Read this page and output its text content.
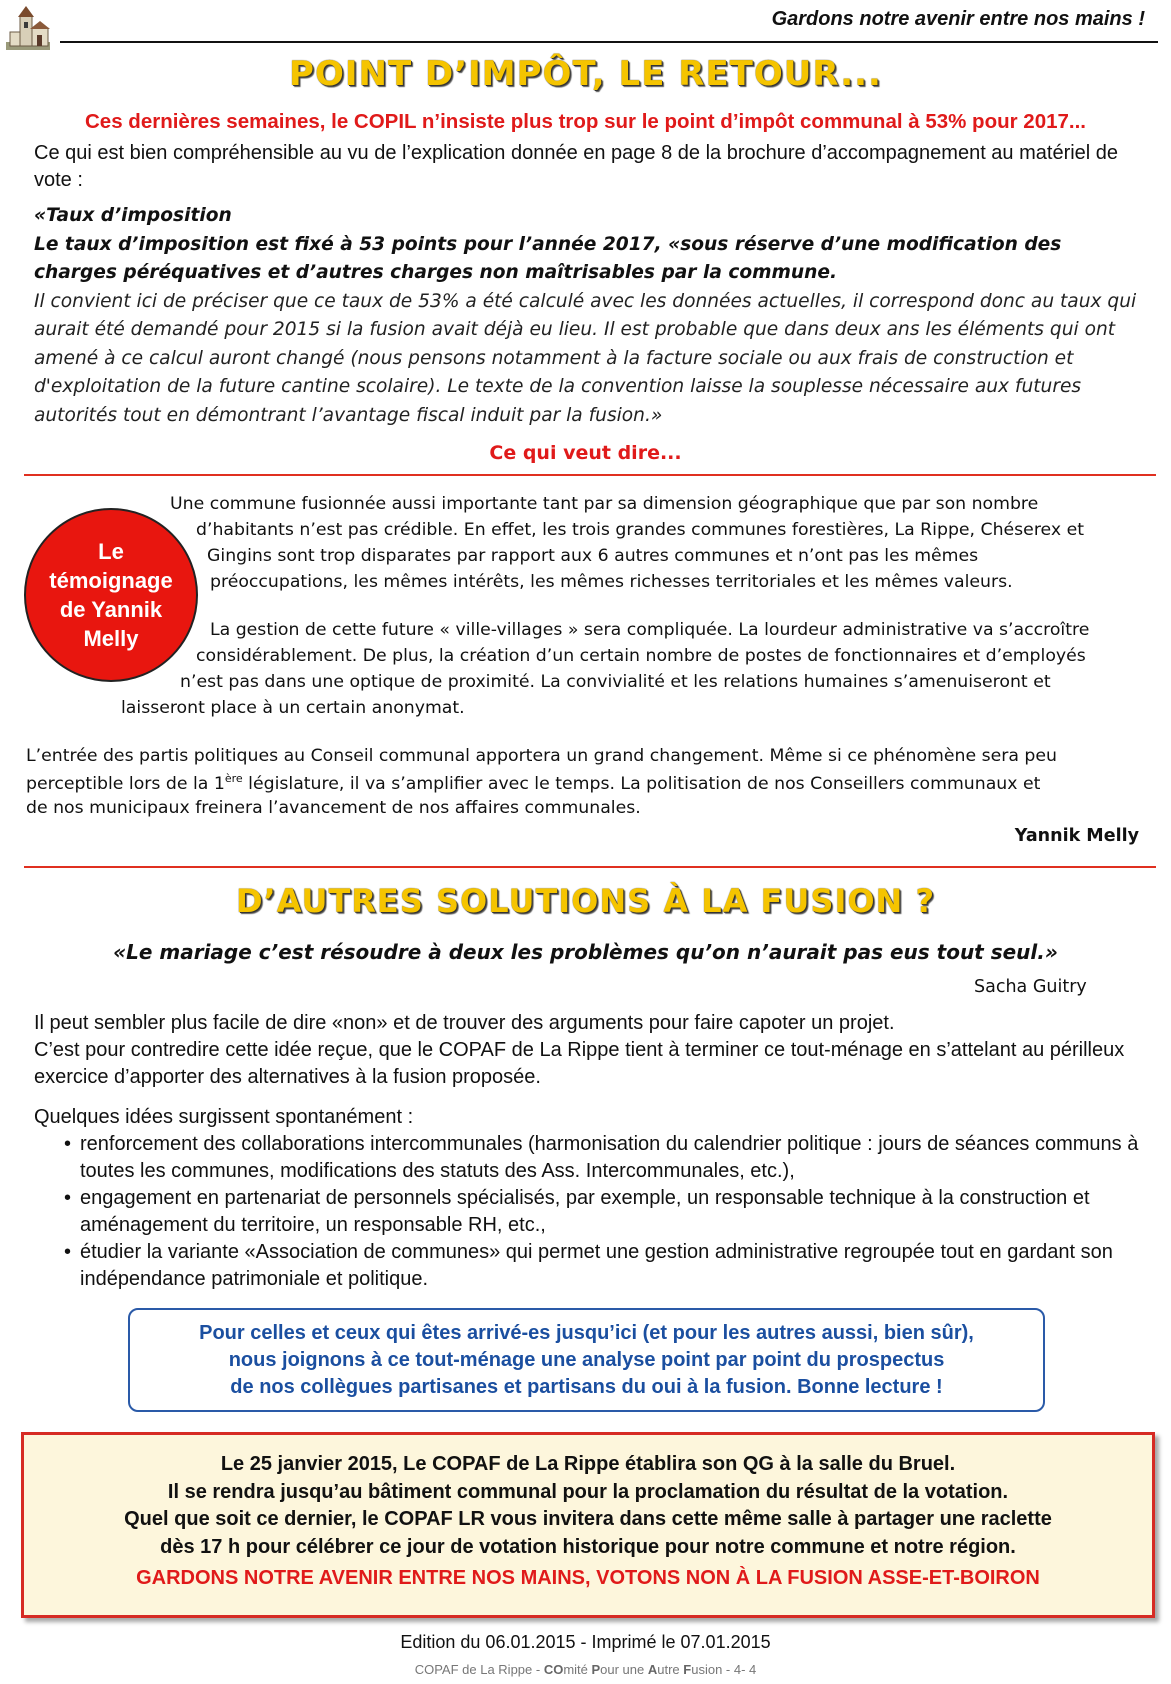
Gardons notre avenir entre nos mains !
POINT D’IMPÔT, LE RETOUR...
Ces dernières semaines, le COPIL n’insiste plus trop sur le point d’impôt communal à 53% pour 2017...
Ce qui est bien compréhensible au vu de l’explication donnée en page 8 de la brochure d’accompagnement au matériel de vote :
«Taux d’imposition
Le taux d’imposition est fixé à 53 points pour l’année 2017, «sous réserve d’une modification des charges péréquatives et d’autres charges non maîtrisables par la commune.
Il convient ici de préciser que ce taux de 53% a été calculé avec les données actuelles, il correspond donc au taux qui aurait été demandé pour 2015 si la fusion avait déjà eu lieu. Il est probable que dans deux ans les éléments qui ont amené à ce calcul auront changé (nous pensons notamment à la facture sociale ou aux frais de construction et d'exploitation de la future cantine scolaire). Le texte de la convention laisse la souplesse nécessaire aux futures autorités tout en démontrant l’avantage fiscal induit par la fusion.»
Ce qui veut dire...
Le
témoignage
de Yannik
Melly
Une commune fusionnée aussi importante tant par sa dimension géographique que par son nombre
d’habitants n’est pas crédible. En effet, les trois grandes communes forestières, La Rippe, Chéserex et
Gingins sont trop disparates par rapport aux 6 autres communes et n’ont pas les mêmes
préoccupations, les mêmes intérêts, les mêmes richesses territoriales et les mêmes valeurs.
La gestion de cette future « ville-villages » sera compliquée. La lourdeur administrative va s’accroître
considérablement. De plus, la création d’un certain nombre de postes de fonctionnaires et d’employés
n’est pas dans une optique de proximité. La convivialité et les relations humaines s’amenuiseront et
laisseront place à un certain anonymat.
L’entrée des partis politiques au Conseil communal apportera un grand changement. Même si ce phénomène sera peu
perceptible lors de la 1ère législature, il va s’amplifier avec le temps. La politisation de nos Conseillers communaux et
de nos municipaux freinera l’avancement de nos affaires communales.
Yannik Melly
D’AUTRES SOLUTIONS À LA FUSION ?
«Le mariage c’est résoudre à deux les problèmes qu’on n’aurait pas eus tout seul.»
Sacha Guitry
Il peut sembler plus facile de dire «non» et de trouver des arguments pour faire capoter un projet.
C’est pour contredire cette idée reçue, que le COPAF de La Rippe tient à terminer ce tout-ménage en s’attelant au périlleux exercice d’apporter des alternatives à la fusion proposée.
Quelques idées surgissent spontanément :
• renforcement des collaborations intercommunales (harmonisation du calendrier politique : jours de séances communs à toutes les communes, modifications des statuts des Ass. Intercommunales, etc.),
• engagement en partenariat de personnels spécialisés, par exemple, un responsable technique à la construction et aménagement du territoire, un responsable RH, etc.,
• étudier la variante «Association de communes» qui permet une gestion administrative regroupée tout en gardant son indépendance patrimoniale et politique.
Pour celles et ceux qui êtes arrivé-es jusqu’ici (et pour les autres aussi, bien sûr),
nous joignons à ce tout-ménage une analyse point par point du prospectus
de nos collègues partisanes et partisans du oui à la fusion. Bonne lecture !
Le 25 janvier 2015, Le COPAF de La Rippe établira son QG à la salle du Bruel.
Il se rendra jusqu’au bâtiment communal pour la proclamation du résultat de la votation.
Quel que soit ce dernier, le COPAF LR vous invitera dans cette même salle à partager une raclette
dès 17 h pour célébrer ce jour de votation historique pour notre commune et notre région.
GARDONS NOTRE AVENIR ENTRE NOS MAINS, VOTONS NON À LA FUSION ASSE-ET-BOIRON
Edition du 06.01.2015 - Imprimé le 07.01.2015
COPAF de La Rippe - COmité Pour une Autre Fusion - 4- 4
